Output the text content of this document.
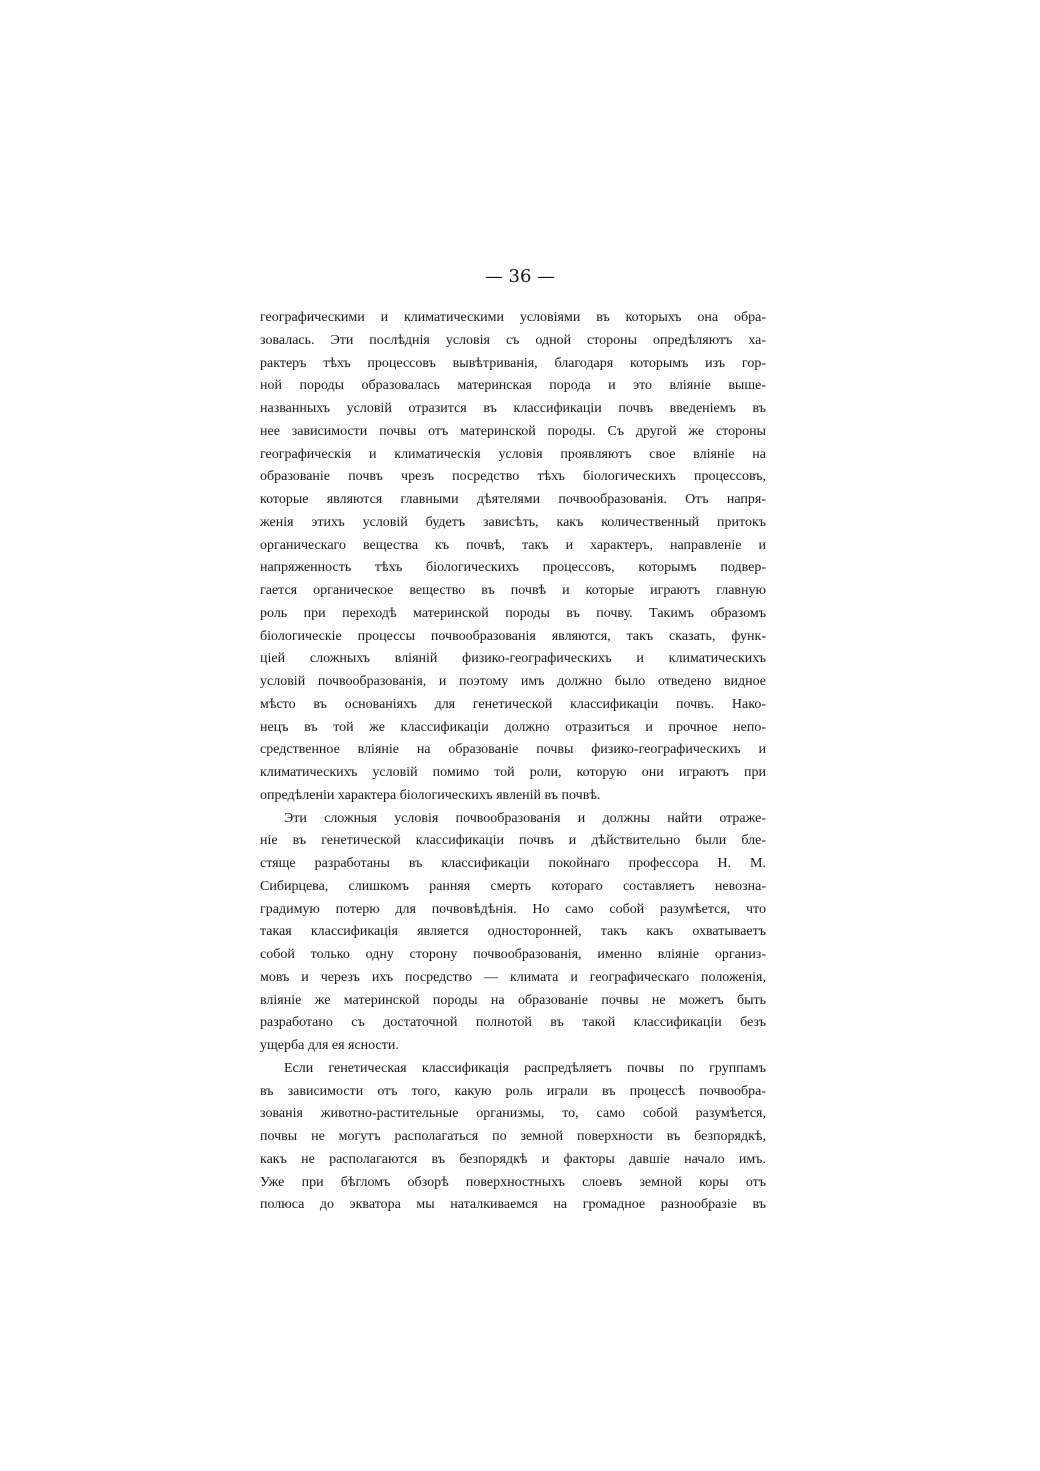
— 36 —

географическими и климатическими условіями въ которыхъ она обра-
зовалась. Эти послѣднія условія съ одной стороны опредѣляютъ ха-
рактеръ тѣхъ процессовъ вывѣтриванія, благодаря которымъ изъ гор-
ной породы образовалась материнская порода и это вліяніе выше-
названныхъ условій отразится въ классификаціи почвъ введеніемъ въ
нее зависимости почвы отъ материнской породы. Съ другой же стороны
географическія и климатическія условія проявляютъ свое вліяніе на
образованіе почвъ чрезъ посредство тѣхъ біологическихъ процессовъ,
которые являются главными дѣятелями почвообразованія. Отъ напря-
женія этихъ условій будетъ зависѣть, какъ количественный притокъ
органическаго вещества къ почвѣ, такъ и характеръ, направленіе и
напряженность тѣхъ біологическихъ процессовъ, которымъ подвер-
гается органическое вещество въ почвѣ и которые играютъ главную
роль при переходѣ материнской породы въ почву. Такимъ образомъ
біологическіе процессы почвообразованія являются, такъ сказать, функ-
ціей сложныхъ вліяній физико-географическихъ и климатическихъ
условій почвообразованія, и поэтому имъ должно было отведено видное
мѣсто въ основаніяхъ для генетической классификаціи почвъ. Нако-
нецъ въ той же классификаціи должно отразиться и прочное непо-
средственное вліяніе на образованіе почвы физико-географическихъ и
климатическихъ условій помимо той роли, которую они играютъ при
опредѣленіи характера біологическихъ явленій въ почвѣ.
Эти сложныя условія почвообразованія и должны найти отраже-
ніе въ генетической классификаціи почвъ и дѣйствительно были бле-
стяще разработаны въ классификаціи покойнаго профессора Н. М.
Сибирцева, слишкомъ ранняя смерть котораго составляетъ невозна-
градимую потерю для почвовѣдѣнія. Но само собой разумѣется, что
такая классификація является односторонней, такъ какъ охватываетъ
собой только одну сторону почвообразованія, именно вліяніе организ-
мовъ и черезъ ихъ посредство — климата и географическаго положенія,
вліяніе же материнской породы на образованіе почвы не можетъ быть
разработано съ достаточной полнотой въ такой классификаціи безъ
ущерба для ея ясности.
Если генетическая классификація распредѣляетъ почвы по группамъ
въ зависимости отъ того, какую роль играли въ процессѣ почвообра-
зованія животно-растительные организмы, то, само собой разумѣется,
почвы не могутъ располагаться по земной поверхности въ безпорядкѣ,
какъ не располагаются въ безпорядкѣ и факторы давшіе начало имъ.
Уже при бѣгломъ обзорѣ поверхностныхъ слоевъ земной коры отъ
полюса до экватора мы наталкиваемся на громадное разнообразіе въ
